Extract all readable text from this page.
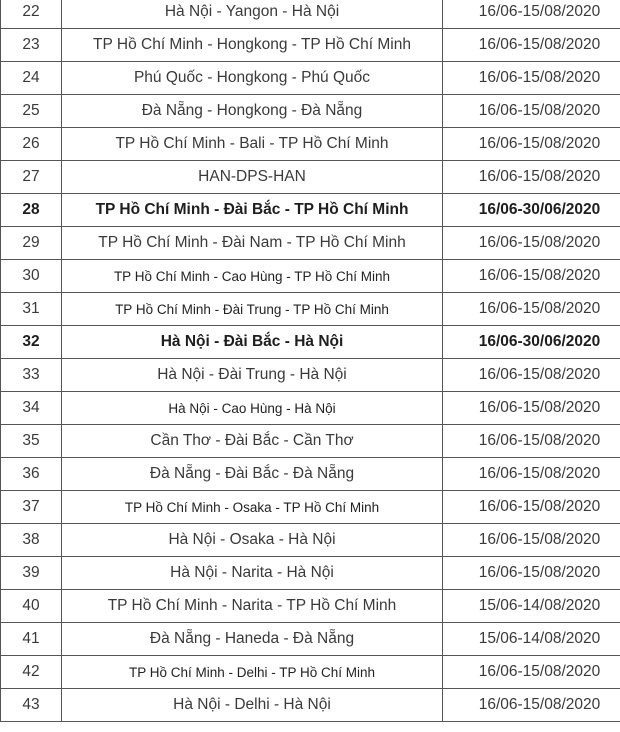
22	Hà Nội - Yangon - Hà Nội	16/06-15/08/2020
23	TP Hồ Chí Minh - Hongkong - TP Hồ Chí Minh	16/06-15/08/2020
24	Phú Quốc - Hongkong - Phú Quốc	16/06-15/08/2020
25	Đà Nẵng - Hongkong - Đà Nẵng	16/06-15/08/2020
26	TP Hồ Chí Minh - Bali - TP Hồ Chí Minh	16/06-15/08/2020
27	HAN-DPS-HAN	16/06-15/08/2020
28	TP Hồ Chí Minh - Đài Bắc - TP Hồ Chí Minh	16/06-30/06/2020
29	TP Hồ Chí Minh - Đài Nam - TP Hồ Chí Minh	16/06-15/08/2020
30	TP Hồ Chí Minh - Cao Hùng - TP Hồ Chí Minh	16/06-15/08/2020
31	TP Hồ Chí Minh - Đài Trung - TP Hồ Chí Minh	16/06-15/08/2020
32	Hà Nội - Đài Bắc - Hà Nội	16/06-30/06/2020
33	Hà Nội - Đài Trung - Hà Nội	16/06-15/08/2020
34	Hà Nội - Cao Hùng - Hà Nội	16/06-15/08/2020
35	Cần Thơ - Đài Bắc - Cần Thơ	16/06-15/08/2020
36	Đà Nẵng - Đài Bắc - Đà Nẵng	16/06-15/08/2020
37	TP Hồ Chí Minh - Osaka - TP Hồ Chí Minh	16/06-15/08/2020
38	Hà Nội - Osaka - Hà Nội	16/06-15/08/2020
39	Hà Nội - Narita - Hà Nội	16/06-15/08/2020
40	TP Hồ Chí Minh - Narita - TP Hồ Chí Minh	15/06-14/08/2020
41	Đà Nẵng - Haneda - Đà Nẵng	15/06-14/08/2020
42	TP Hồ Chí Minh - Delhi - TP Hồ Chí Minh	16/06-15/08/2020
43	Hà Nội - Delhi - Hà Nội	16/06-15/08/2020
